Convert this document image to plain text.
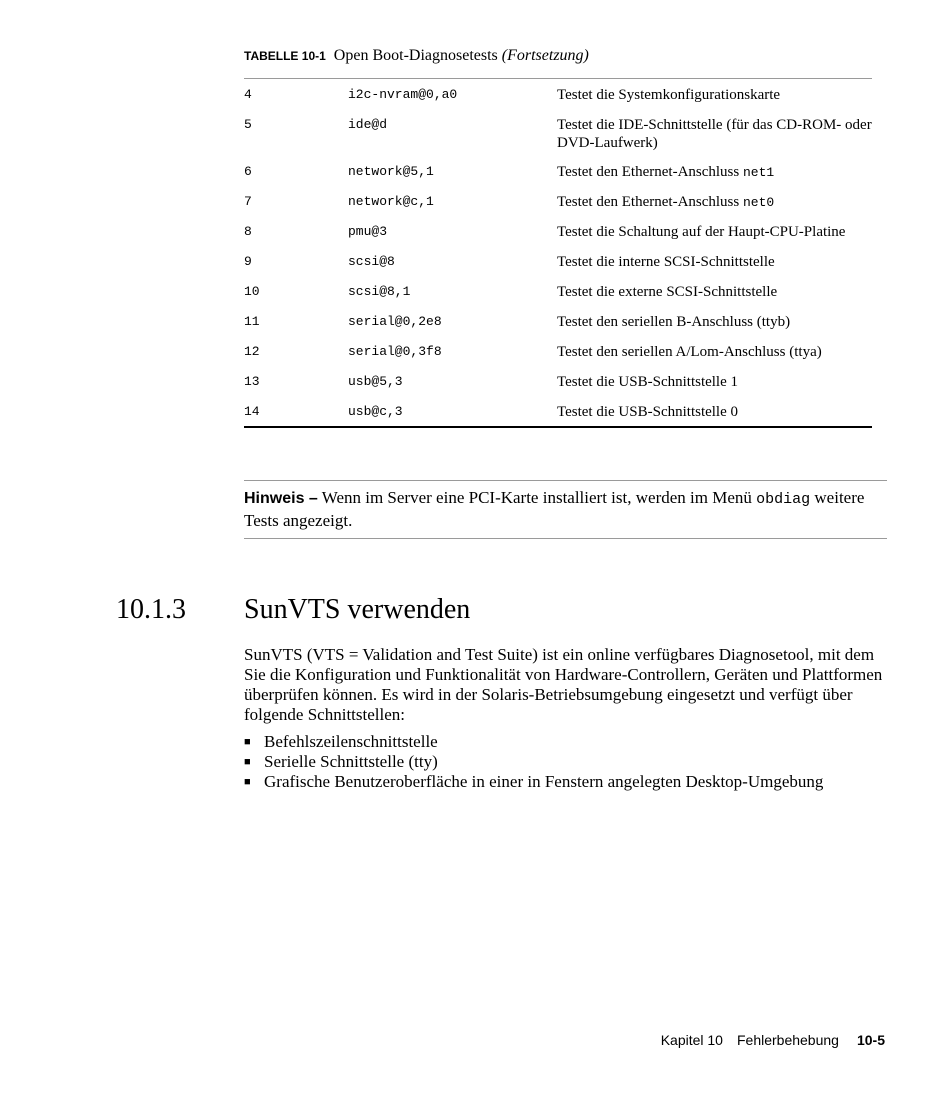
TABELLE 10-1 Open Boot-Diagnosetests (Fortsetzung)
4	i2c-nvram@0,a0	Testet die Systemkonfigurationskarte
5	ide@d	Testet die IDE-Schnittstelle (für das CD-ROM- oder DVD-Laufwerk)
6	network@5,1	Testet den Ethernet-Anschluss net1
7	network@c,1	Testet den Ethernet-Anschluss net0
8	pmu@3	Testet die Schaltung auf der Haupt-CPU-Platine
9	scsi@8	Testet die interne SCSI-Schnittstelle
10	scsi@8,1	Testet die externe SCSI-Schnittstelle
11	serial@0,2e8	Testet den seriellen B-Anschluss (ttyb)
12	serial@0,3f8	Testet den seriellen A/Lom-Anschluss (ttya)
13	usb@5,3	Testet die USB-Schnittstelle 1
14	usb@c,3	Testet die USB-Schnittstelle 0
Hinweis – Wenn im Server eine PCI-Karte installiert ist, werden im Menü obdiag weitere Tests angezeigt.
10.1.3 SunVTS verwenden
SunVTS (VTS = Validation and Test Suite) ist ein online verfügbares Diagnosetool, mit dem Sie die Konfiguration und Funktionalität von Hardware-Controllern, Geräten und Plattformen überprüfen können. Es wird in der Solaris-Betriebsumgebung eingesetzt und verfügt über folgende Schnittstellen:
■ Befehlszeilenschnittstelle
■ Serielle Schnittstelle (tty)
■ Grafische Benutzeroberfläche in einer in Fenstern angelegten Desktop-Umgebung
Kapitel 10 Fehlerbehebung 10-5
